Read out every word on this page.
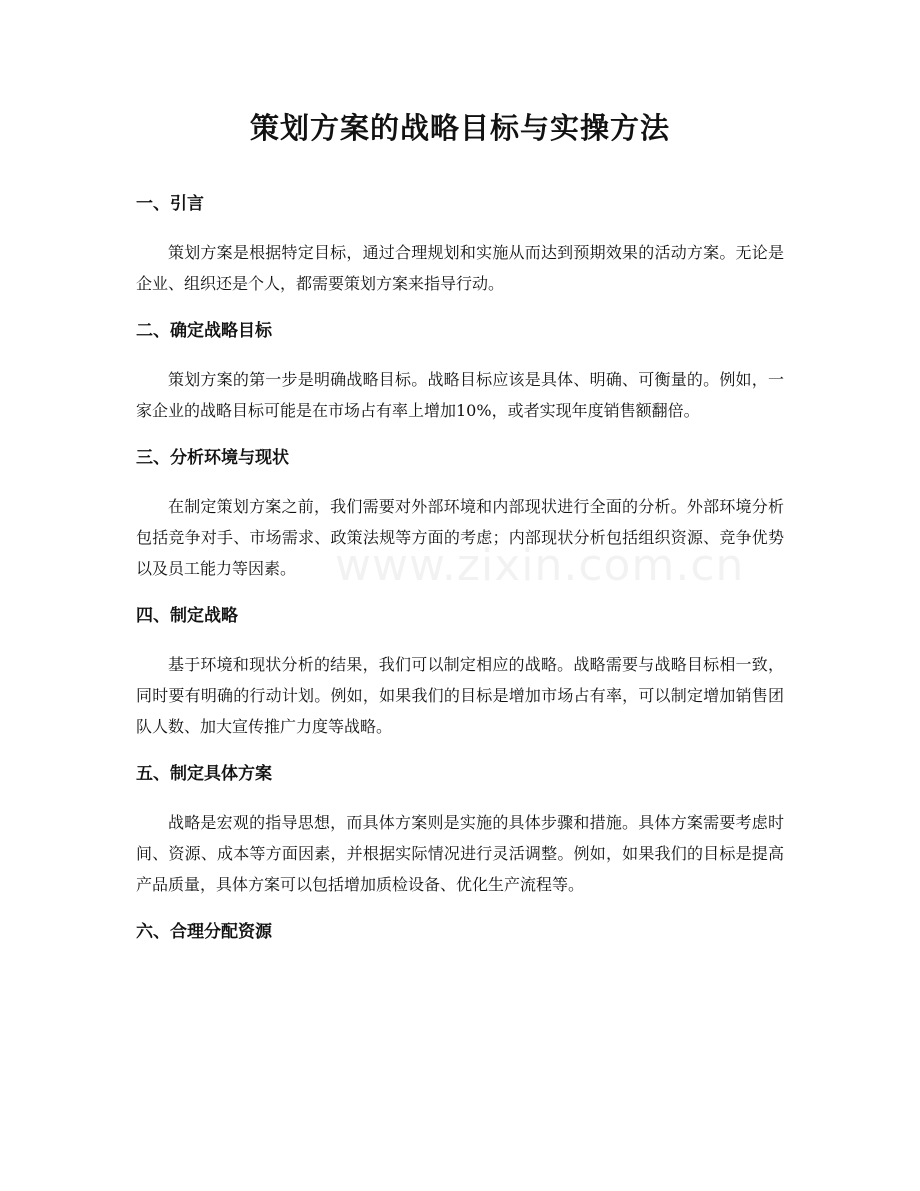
策划方案的战略目标与实操方法
一、引言

策划方案是根据特定目标，通过合理规划和实施从而达到预期效果的活动方案。无论是企业、组织还是个人，都需要策划方案来指导行动。

二、确定战略目标

策划方案的第一步是明确战略目标。战略目标应该是具体、明确、可衡量的。例如，一家企业的战略目标可能是在市场占有率上增加10%，或者实现年度销售额翻倍。

三、分析环境与现状

在制定策划方案之前，我们需要对外部环境和内部现状进行全面的分析。外部环境分析包括竞争对手、市场需求、政策法规等方面的考虑；内部现状分析包括组织资源、竞争优势以及员工能力等因素。

四、制定战略

基于环境和现状分析的结果，我们可以制定相应的战略。战略需要与战略目标相一致，同时要有明确的行动计划。例如，如果我们的目标是增加市场占有率，可以制定增加销售团队人数、加大宣传推广力度等战略。

五、制定具体方案

战略是宏观的指导思想，而具体方案则是实施的具体步骤和措施。具体方案需要考虑时间、资源、成本等方面因素，并根据实际情况进行灵活调整。例如，如果我们的目标是提高产品质量，具体方案可以包括增加质检设备、优化生产流程等。

六、合理分配资源
www.zixin.com.cn
